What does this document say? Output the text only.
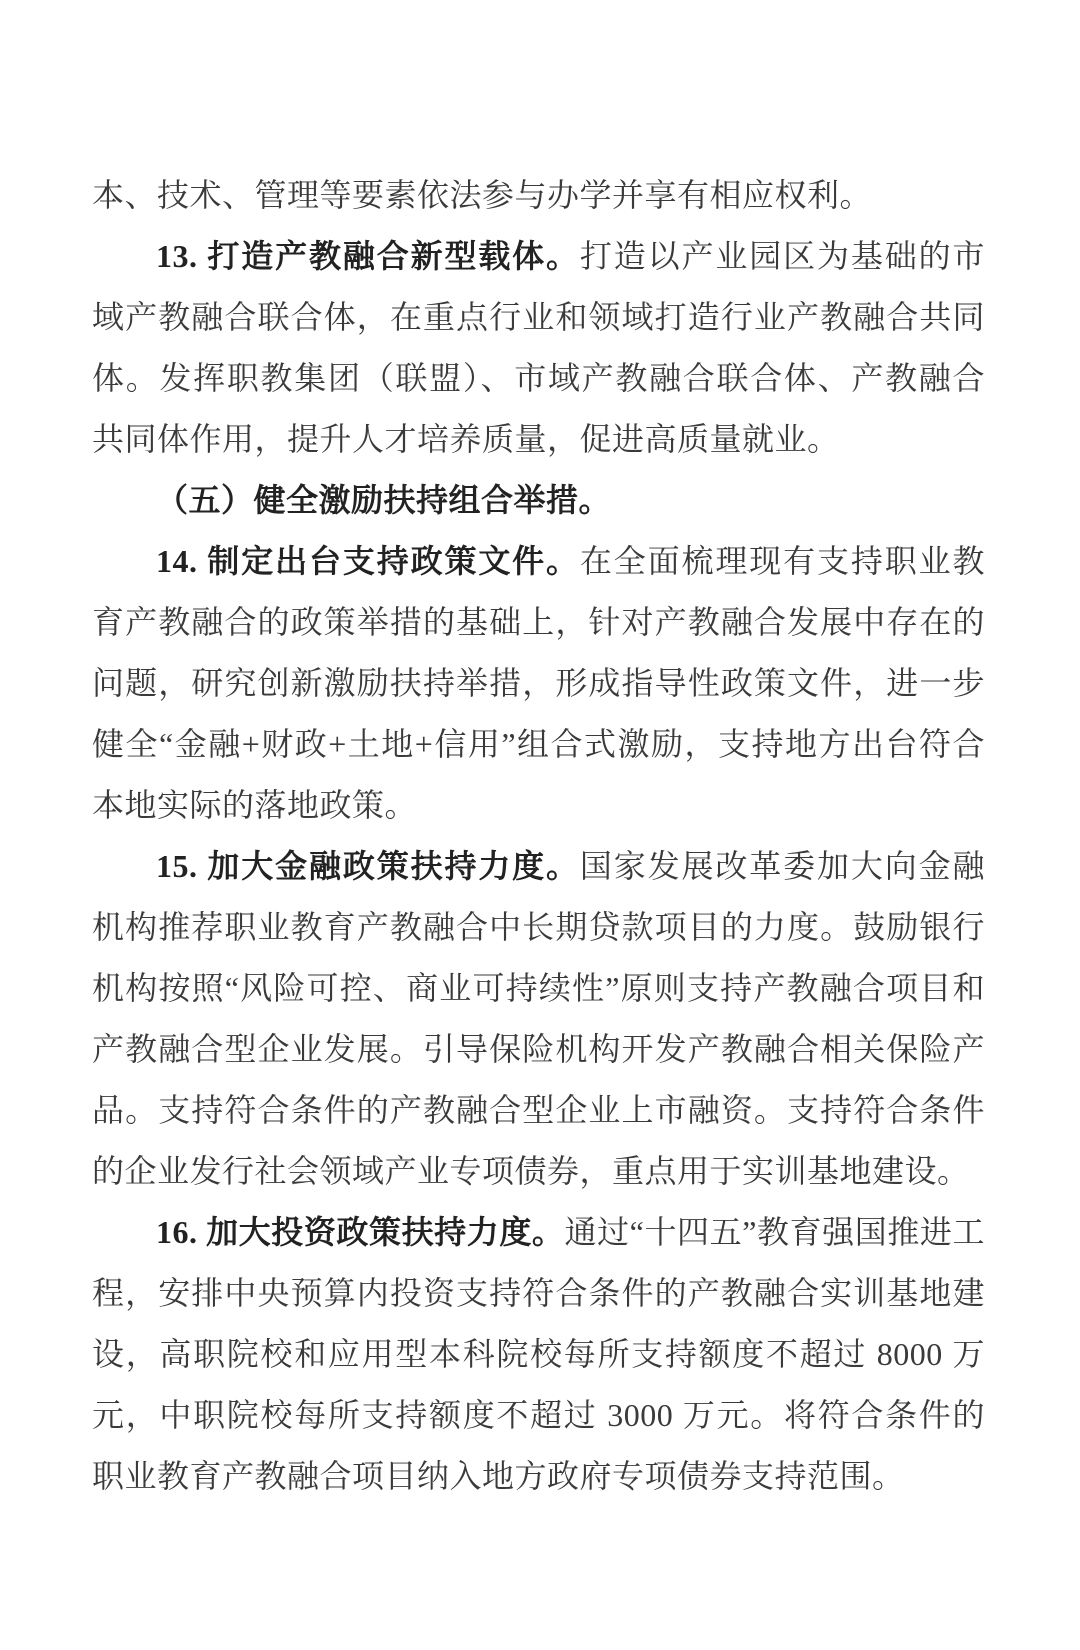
本、技术、管理等要素依法参与办学并享有相应权利。

13. 打造产教融合新型载体。打造以产业园区为基础的市域产教融合联合体，在重点行业和领域打造行业产教融合共同体。发挥职教集团（联盟）、市域产教融合联合体、产教融合共同体作用，提升人才培养质量，促进高质量就业。

（五）健全激励扶持组合举措。

14. 制定出台支持政策文件。在全面梳理现有支持职业教育产教融合的政策举措的基础上，针对产教融合发展中存在的问题，研究创新激励扶持举措，形成指导性政策文件，进一步健全“金融+财政+土地+信用”组合式激励，支持地方出台符合本地实际的落地政策。

15. 加大金融政策扶持力度。国家发展改革委加大向金融机构推荐职业教育产教融合中长期贷款项目的力度。鼓励银行机构按照“风险可控、商业可持续性”原则支持产教融合项目和产教融合型企业发展。引导保险机构开发产教融合相关保险产品。支持符合条件的产教融合型企业上市融资。支持符合条件的企业发行社会领域产业专项债券，重点用于实训基地建设。

16. 加大投资政策扶持力度。通过“十四五”教育强国推进工程，安排中央预算内投资支持符合条件的产教融合实训基地建设，高职院校和应用型本科院校每所支持额度不超过 8000 万元，中职院校每所支持额度不超过 3000 万元。将符合条件的职业教育产教融合项目纳入地方政府专项债券支持范围。
